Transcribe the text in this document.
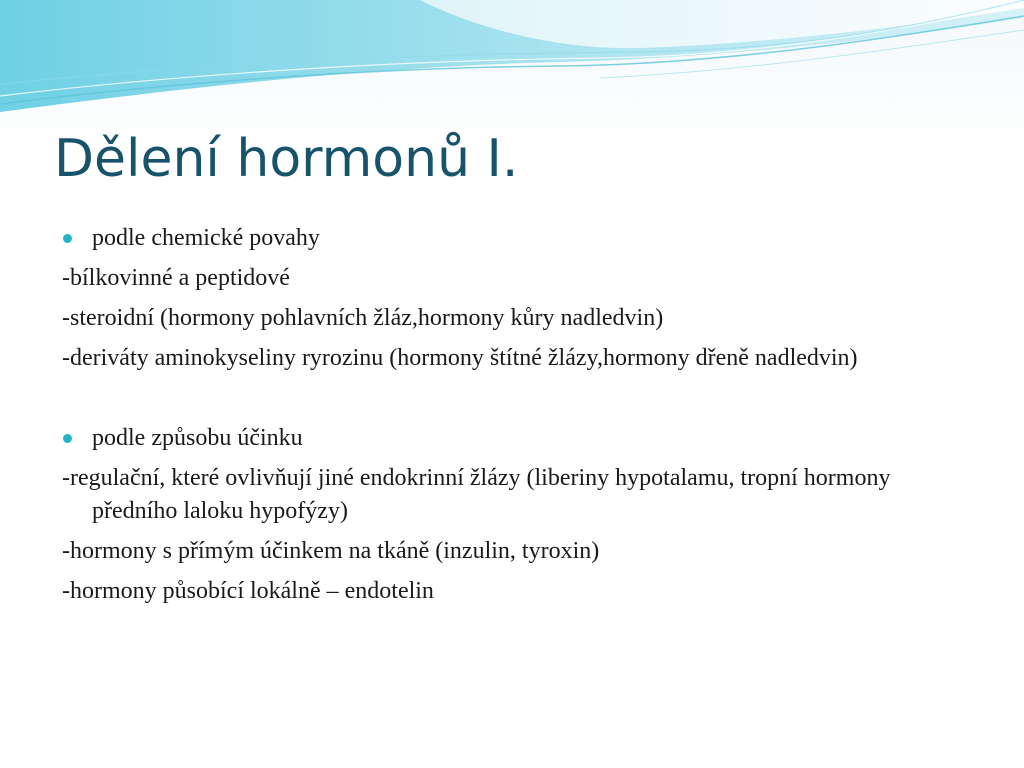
Dělení hormonů I.
podle chemické povahy
-bílkovinné a peptidové
-steroidní (hormony pohlavních žláz,hormony kůry nadledvin)
-deriváty aminokyseliny ryrozinu (hormony štítné žlázy,hormony dřeně nadledvin)
podle způsobu účinku
-regulační, které ovlivňují jiné endokrinní žlázy (liberiny hypotalamu, tropní hormony   předního laloku hypofýzy)
-hormony s přímým účinkem na tkáně (inzulin, tyroxin)
-hormony působící lokálně – endotelin
